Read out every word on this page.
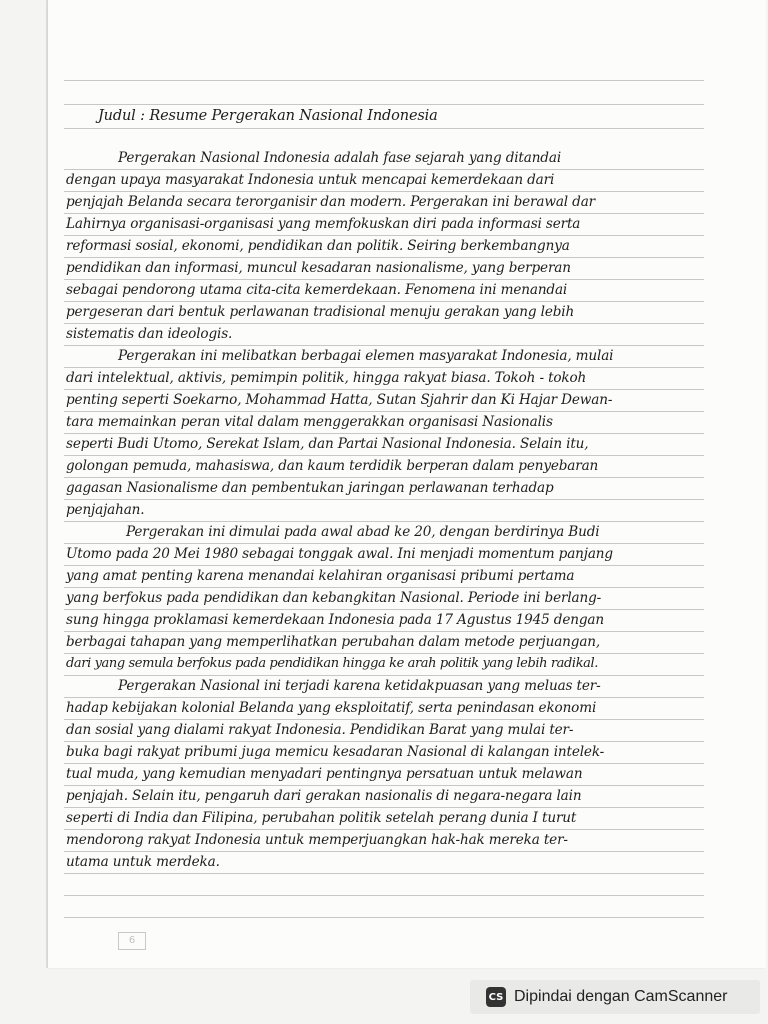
Judul : Resume Pergerakan Nasional Indonesia
Pergerakan Nasional Indonesia adalah fase sejarah yang ditandai
dengan upaya masyarakat Indonesia untuk mencapai kemerdekaan dari
penjajah Belanda secara terorganisir dan modern. Pergerakan ini berawal dar
Lahirnya organisasi-organisasi yang memfokuskan diri pada informasi serta
reformasi sosial, ekonomi, pendidikan dan politik. Seiring berkembangnya
pendidikan dan informasi, muncul kesadaran nasionalisme, yang berperan
sebagai pendorong utama cita-cita kemerdekaan. Fenomena ini menandai
pergeseran dari bentuk perlawanan tradisional menuju gerakan yang lebih
sistematis dan ideologis.
Pergerakan ini melibatkan berbagai elemen masyarakat Indonesia, mulai
dari intelektual, aktivis, pemimpin politik, hingga rakyat biasa. Tokoh - tokoh
penting seperti Soekarno, Mohammad Hatta, Sutan Sjahrir dan Ki Hajar Dewan-
tara memainkan peran vital dalam menggerakkan organisasi Nasionalis
seperti Budi Utomo, Serekat Islam, dan Partai Nasional Indonesia. Selain itu,
golongan pemuda, mahasiswa, dan kaum terdidik berperan dalam penyebaran
gagasan Nasionalisme dan pembentukan jaringan perlawanan terhadap
penjajahan.
Pergerakan ini dimulai pada awal abad ke 20, dengan berdirinya Budi
Utomo pada 20 Mei 1980 sebagai tonggak awal. Ini menjadi momentum panjang
yang amat penting karena menandai kelahiran organisasi pribumi pertama
yang berfokus pada pendidikan dan kebangkitan Nasional. Periode ini berlang-
sung hingga proklamasi kemerdekaan Indonesia pada 17 Agustus 1945 dengan
berbagai tahapan yang memperlihatkan perubahan dalam metode perjuangan,
dari yang semula berfokus pada pendidikan hingga ke arah politik yang lebih radikal.
Pergerakan Nasional ini terjadi karena ketidakpuasan yang meluas ter-
hadap kebijakan kolonial Belanda yang eksploitatif, serta penindasan ekonomi
dan sosial yang dialami rakyat Indonesia. Pendidikan Barat yang mulai ter-
buka bagi rakyat pribumi juga memicu kesadaran Nasional di kalangan intelek-
tual muda, yang kemudian menyadari pentingnya persatuan untuk melawan
penjajah. Selain itu, pengaruh dari gerakan nasionalis di negara-negara lain
seperti di India dan Filipina, perubahan politik setelah perang dunia I turut
mendorong rakyat Indonesia untuk memperjuangkan hak-hak mereka ter-
utama untuk merdeka.
6
CS Dipindai dengan CamScanner
